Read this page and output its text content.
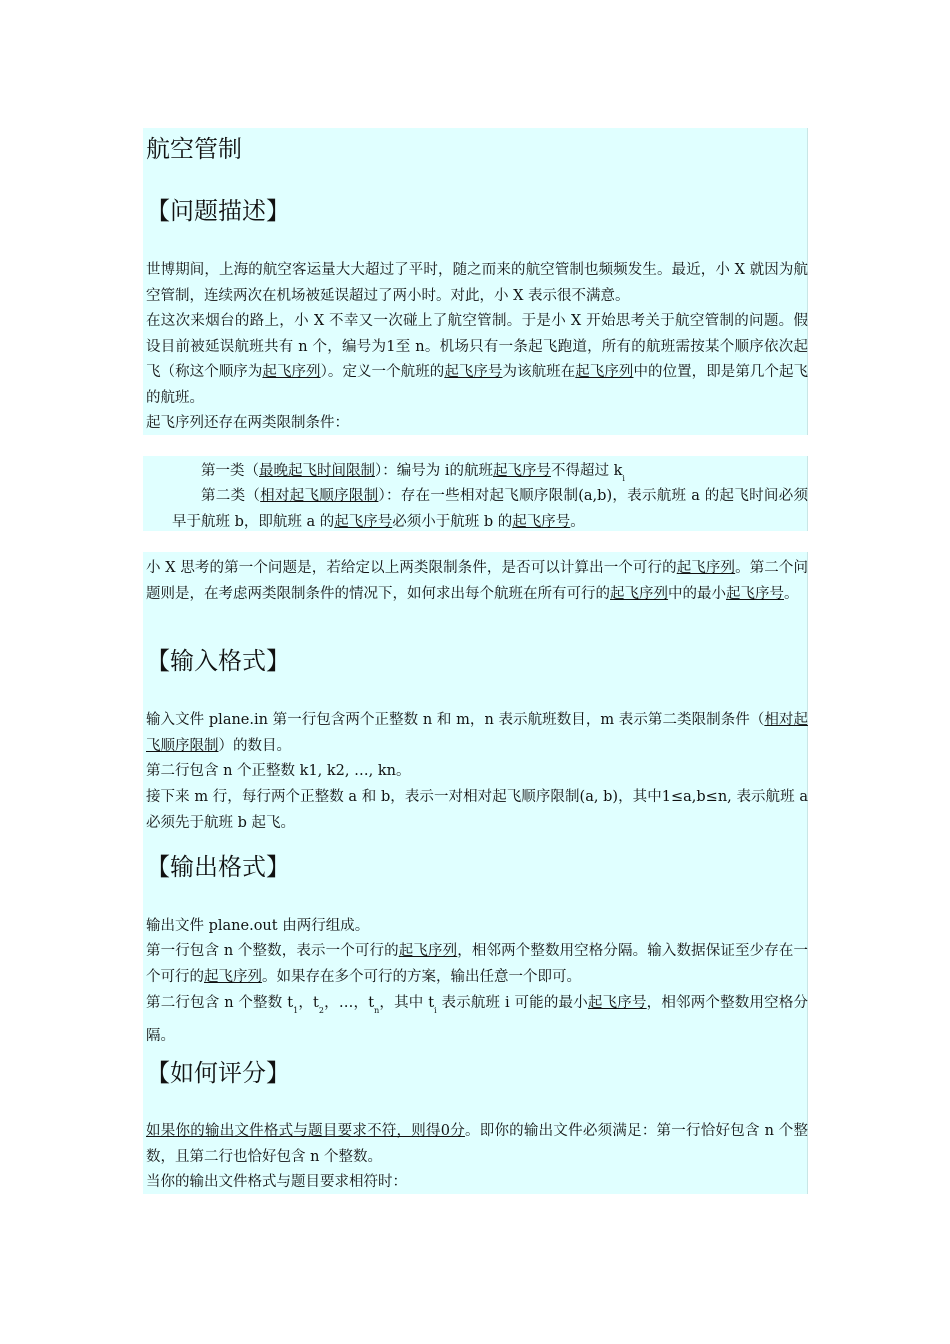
航空管制
【问题描述】
世博期间，上海的航空客运量大大超过了平时，随之而来的航空管制也频频发生。最近，小 X 就因为航空管制，连续两次在机场被延误超过了两小时。对此，小 X 表示很不满意。
在这次来烟台的路上，小 X 不幸又一次碰上了航空管制。于是小 X 开始思考关于航空管制的问题。假设目前被延误航班共有 n 个，编号为1至 n。机场只有一条起飞跑道，所有的航班需按某个顺序依次起飞（称这个顺序为起飞序列）。定义一个航班的起飞序号为该航班在起飞序列中的位置，即是第几个起飞的航班。
起飞序列还存在两类限制条件：
第一类（最晚起飞时间限制）：编号为 i的航班起飞序号不得超过 $k_i$
第二类（相对起飞顺序限制）：存在一些相对起飞顺序限制(a,b)，表示航班 a 的起飞时间必须早于航班 b，即航班 a 的起飞序号必须小于航班 b 的起飞序号。
小 X 思考的第一个问题是，若给定以上两类限制条件，是否可以计算出一个可行的起飞序列。第二个问题则是，在考虑两类限制条件的情况下，如何求出每个航班在所有可行的起飞序列中的最小起飞序号。
【输入格式】
输入文件 plane.in 第一行包含两个正整数 n 和 m，n 表示航班数目，m 表示第二类限制条件（相对起飞顺序限制）的数目。
第二行包含 n 个正整数 k1, k2, …, kn。
接下来 m 行，每行两个正整数 a 和 b，表示一对相对起飞顺序限制(a, b)，其中1≤a,b≤n, 表示航班 a 必须先于航班 b 起飞。
【输出格式】
输出文件 plane.out 由两行组成。
第一行包含 n 个整数，表示一个可行的起飞序列，相邻两个整数用空格分隔。输入数据保证至少存在一个可行的起飞序列。如果存在多个可行的方案，输出任意一个即可。
第二行包含 n 个整数 $t_1$，$t_2$，…，$t_n$，其中 $t_i$ 表示航班 i 可能的最小起飞序号，相邻两个整数用空格分隔。
【如何评分】
如果你的输出文件格式与题目要求不符，则得0分。即你的输出文件必须满足：第一行恰好包含 n 个整数，且第二行也恰好包含 n 个整数。
当你的输出文件格式与题目要求相符时：
